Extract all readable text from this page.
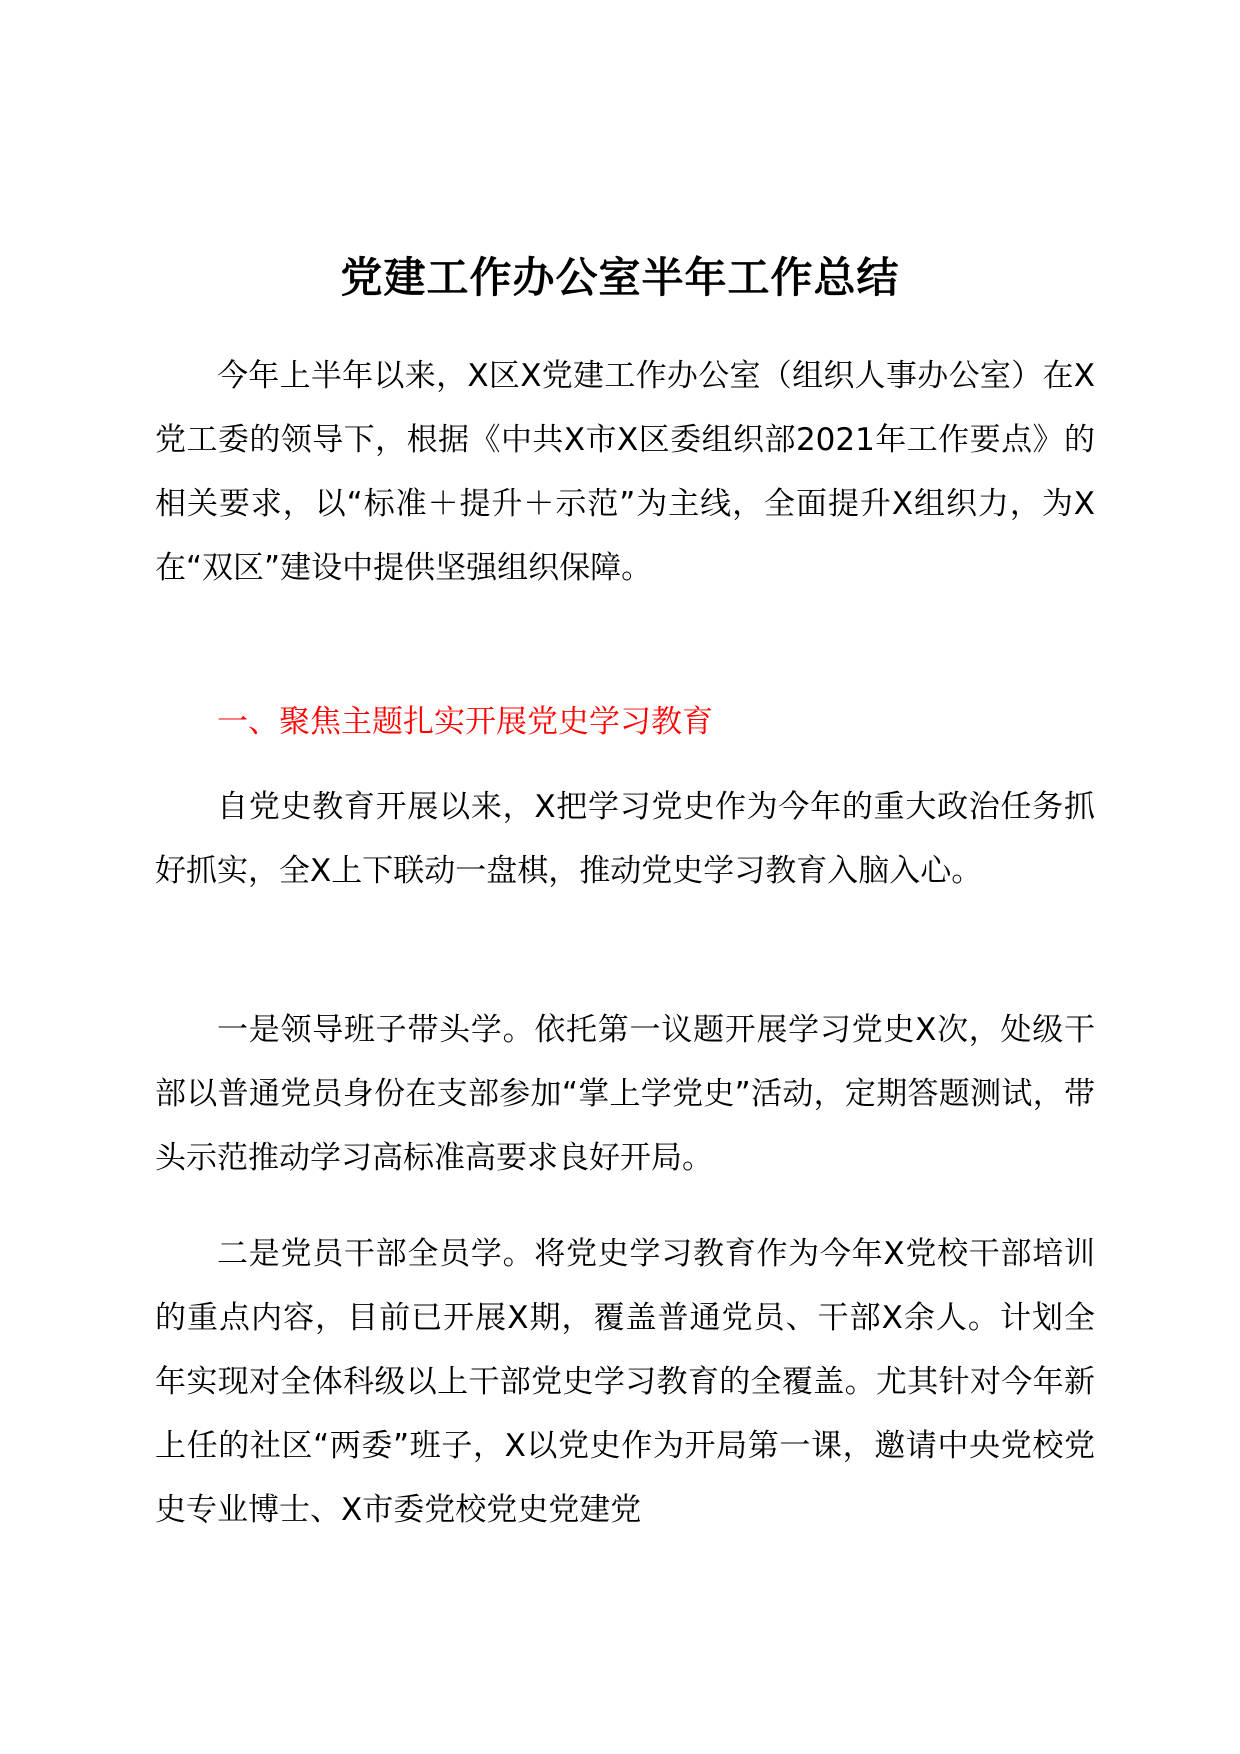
党建工作办公室半年工作总结

今年上半年以来，X区X党建工作办公室（组织人事办公室）在X党工委的领导下，根据《中共X市X区委组织部2021年工作要点》的相关要求，以“标准＋提升＋示范”为主线，全面提升X组织力，为X在“双区”建设中提供坚强组织保障。

一、聚焦主题扎实开展党史学习教育

自党史教育开展以来，X把学习党史作为今年的重大政治任务抓好抓实，全X上下联动一盘棋，推动党史学习教育入脑入心。

一是领导班子带头学。依托第一议题开展学习党史X次，处级干部以普通党员身份在支部参加“掌上学党史”活动，定期答题测试，带头示范推动学习高标准高要求良好开局。

二是党员干部全员学。将党史学习教育作为今年X党校干部培训的重点内容，目前已开展X期，覆盖普通党员、干部X余人。计划全年实现对全体科级以上干部党史学习教育的全覆盖。尤其针对今年新上任的社区“两委”班子，X以党史作为开局第一课，邀请中央党校党史专业博士、X市委党校党史党建党
